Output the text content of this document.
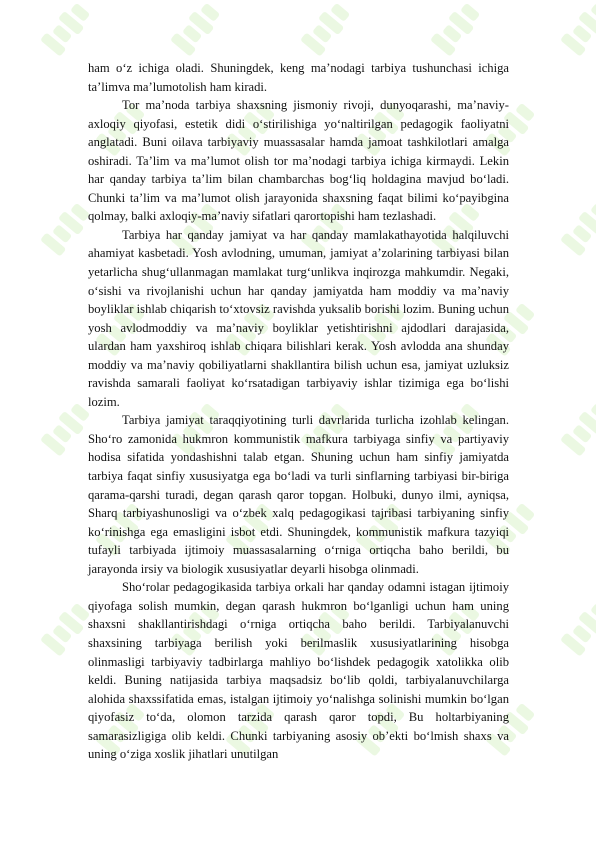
ham o‘z ichiga oladi. Shuningdek, keng ma’nodagi tarbiya tushunchasi ichiga ta’limva ma’lumotolish ham kiradi.

Tor ma’noda tarbiya shaxsning jismoniy rivoji, dunyoqarashi, ma’naviy-axloqiy qiyofasi, estetik didi o‘stirilishiga yo‘naltirilgan pedagogik faoliyatni anglatadi. Buni oilava tarbiyaviy muassasalar hamda jamoat tashkilotlari amalga oshiradi. Ta’lim va ma’lumot olish tor ma’nodagi tarbiya ichiga kirmaydi. Lekin har qanday tarbiya ta’lim bilan chambarchas bog‘liq holdagina mavjud bo‘ladi. Chunki ta’lim va ma’lumot olish jarayonida shaxsning faqat bilimi ko‘payibgina qolmay, balki axloqiy-ma’naviy sifatlari qarortopishi ham tezlashadi.

Tarbiya har qanday jamiyat va har qanday mamlakathayotida halqiluvchi ahamiyat kasbetadi. Yosh avlodning, umuman, jamiyat a’zolarining tarbiyasi bilan yetarlicha shug‘ullanmagan mamlakat turg‘unlikva inqirozga mahkumdir. Negaki, o‘sishi va rivojlanishi uchun har qanday jamiyatda ham moddiy va ma’naviy boyliklar ishlab chiqarish to‘xtovsiz ravishda yuksalib borishi lozim. Buning uchun yosh avlodmoddiy va ma’naviy boyliklar yetishtirishni ajdodlari darajasida, ulardan ham yaxshiroq ishlab chiqara bilishlari kerak. Yosh avlodda ana shunday moddiy va ma’naviy qobiliyatlarni shakllantira bilish uchun esa, jamiyat uzluksiz ravishda samarali faoliyat ko‘rsatadigan tarbiyaviy ishlar tizimiga ega bo‘lishi lozim.

Tarbiya jamiyat taraqqiyotining turli davrlarida turlicha izohlab kelingan. Sho‘ro zamonida hukmron kommunistik mafkura tarbiyaga sinfiy va partiyaviy hodisa sifatida yondashishni talab etgan. Shuning uchun ham sinfiy jamiyatda tarbiya faqat sinfiy xususiyatga ega bo‘ladi va turli sinflarning tarbiyasi bir-biriga qarama-qarshi turadi, degan qarash qaror topgan. Holbuki, dunyo ilmi, ayniqsa, Sharq tarbiyashunosligi va o‘zbek xalq pedagogikasi tajribasi tarbiyaning sinfiy ko‘rinishga ega emasligini isbot etdi. Shuningdek, kommunistik mafkura tazyiqi tufayli tarbiyada ijtimoiy muassasalarning o‘rniga ortiqcha baho berildi, bu jarayonda irsiy va biologik xususiyatlar deyarli hisobga olinmadi.

Sho‘rolar pedagogikasida tarbiya orkali har qanday odamni istagan ijtimoiy qiyofaga solish mumkin, degan qarash hukmron bo‘lganligi uchun ham uning shaxsni shakllantirishdagi o‘rniga ortiqcha baho berildi. Tarbiyalanuvchi shaxsining tarbiyaga berilish yoki berilmaslik xususiyatlarining hisobga olinmasligi tarbiyaviy tadbirlarga mahliyo bo‘lishdek pedagogik xatolikka olib keldi. Buning natijasida tarbiya maqsadsiz bo‘lib qoldi, tarbiyalanuvchilarga alohida shaxssifatida emas, istalgan ijtimoiy yo‘nalishga solinishi mumkin bo‘lgan qiyofasiz to‘da, olomon tarzida qarash qaror topdi, Bu holtarbiyaning samarasizligiga olib keldi. Chunki tarbiyaning asosiy ob’ekti bo‘lmish shaxs va uning o‘ziga xoslik jihatlari unutilgan
